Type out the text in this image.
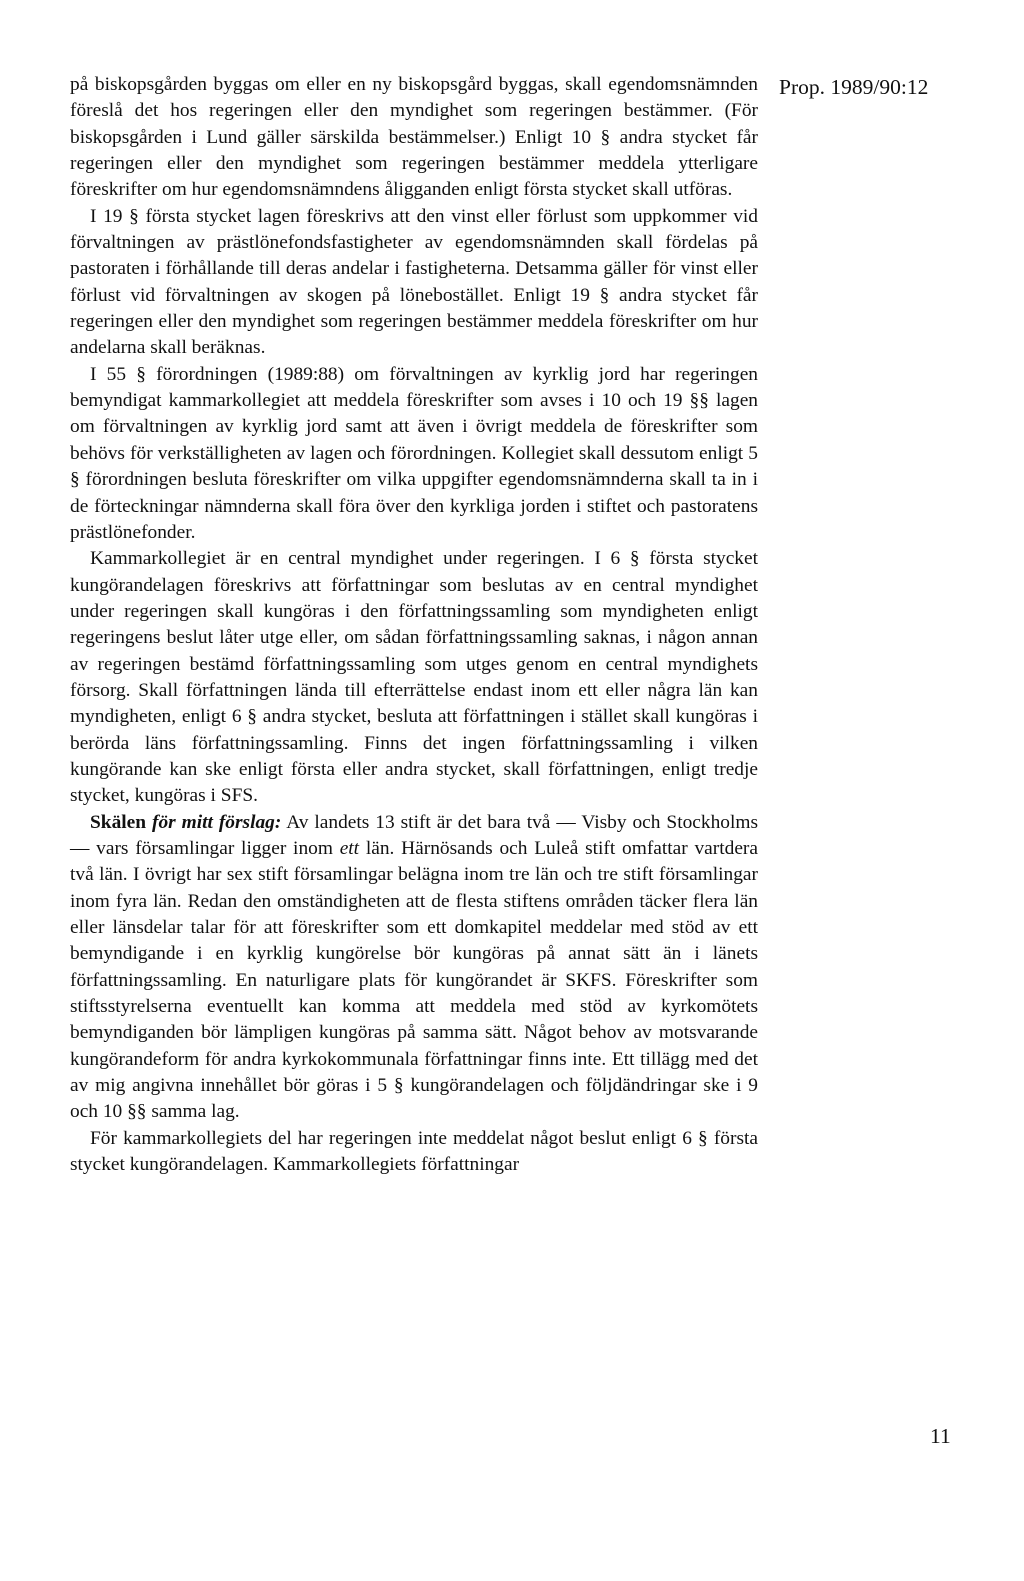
Prop. 1989/90:12

på biskopsgården byggas om eller en ny biskopsgård byggas, skall egendomsnämnden föreslå det hos regeringen eller den myndighet som regeringen bestämmer. (För biskopsgården i Lund gäller särskilda bestämmelser.) Enligt 10 § andra stycket får regeringen eller den myndighet som regeringen bestämmer meddela ytterligare föreskrifter om hur egendomsnämndens åligganden enligt första stycket skall utföras.

I 19 § första stycket lagen föreskrivs att den vinst eller förlust som uppkommer vid förvaltningen av prästlönefondsfastigheter av egendomsnämnden skall fördelas på pastoraten i förhållande till deras andelar i fastigheterna. Detsamma gäller för vinst eller förlust vid förvaltningen av skogen på lönebostället. Enligt 19 § andra stycket får regeringen eller den myndighet som regeringen bestämmer meddela föreskrifter om hur andelarna skall beräknas.

I 55 § förordningen (1989:88) om förvaltningen av kyrklig jord har regeringen bemyndigat kammarkollegiet att meddela föreskrifter som avses i 10 och 19 §§ lagen om förvaltningen av kyrklig jord samt att även i övrigt meddela de föreskrifter som behövs för verkställigheten av lagen och förordningen. Kollegiet skall dessutom enligt 5 § förordningen besluta föreskrifter om vilka uppgifter egendomsnämnderna skall ta in i de förteckningar nämnderna skall föra över den kyrkliga jorden i stiftet och pastoratens prästlönefonder.

Kammarkollegiet är en central myndighet under regeringen. I 6 § första stycket kungörandelagen föreskrivs att författningar som beslutas av en central myndighet under regeringen skall kungöras i den författningssamling som myndigheten enligt regeringens beslut låter utge eller, om sådan författningssamling saknas, i någon annan av regeringen bestämd författningssamling som utges genom en central myndighets försorg. Skall författningen lända till efterrättelse endast inom ett eller några län kan myndigheten, enligt 6 § andra stycket, besluta att författningen i stället skall kungöras i berörda läns författningssamling. Finns det ingen författningssamling i vilken kungörande kan ske enligt första eller andra stycket, skall författningen, enligt tredje stycket, kungöras i SFS.

Skälen för mitt förslag: Av landets 13 stift är det bara två — Visby och Stockholms — vars församlingar ligger inom ett län. Härnösands och Luleå stift omfattar vartdera två län. I övrigt har sex stift församlingar belägna inom tre län och tre stift församlingar inom fyra län. Redan den omständigheten att de flesta stiftens områden täcker flera län eller länsdelar talar för att föreskrifter som ett domkapitel meddelar med stöd av ett bemyndigande i en kyrklig kungörelse bör kungöras på annat sätt än i länets författningssamling. En naturligare plats för kungörandet är SKFS. Föreskrifter som stiftsstyrelserna eventuellt kan komma att meddela med stöd av kyrkomötets bemyndiganden bör lämpligen kungöras på samma sätt. Något behov av motsvarande kungörandeform för andra kyrkokommunala författningar finns inte. Ett tillägg med det av mig angivna innehållet bör göras i 5 § kungörandelagen och följdändringar ske i 9 och 10 §§ samma lag.

För kammarkollegiets del har regeringen inte meddelat något beslut enligt 6 § första stycket kungörandelagen. Kammarkollegiets författningar

11
